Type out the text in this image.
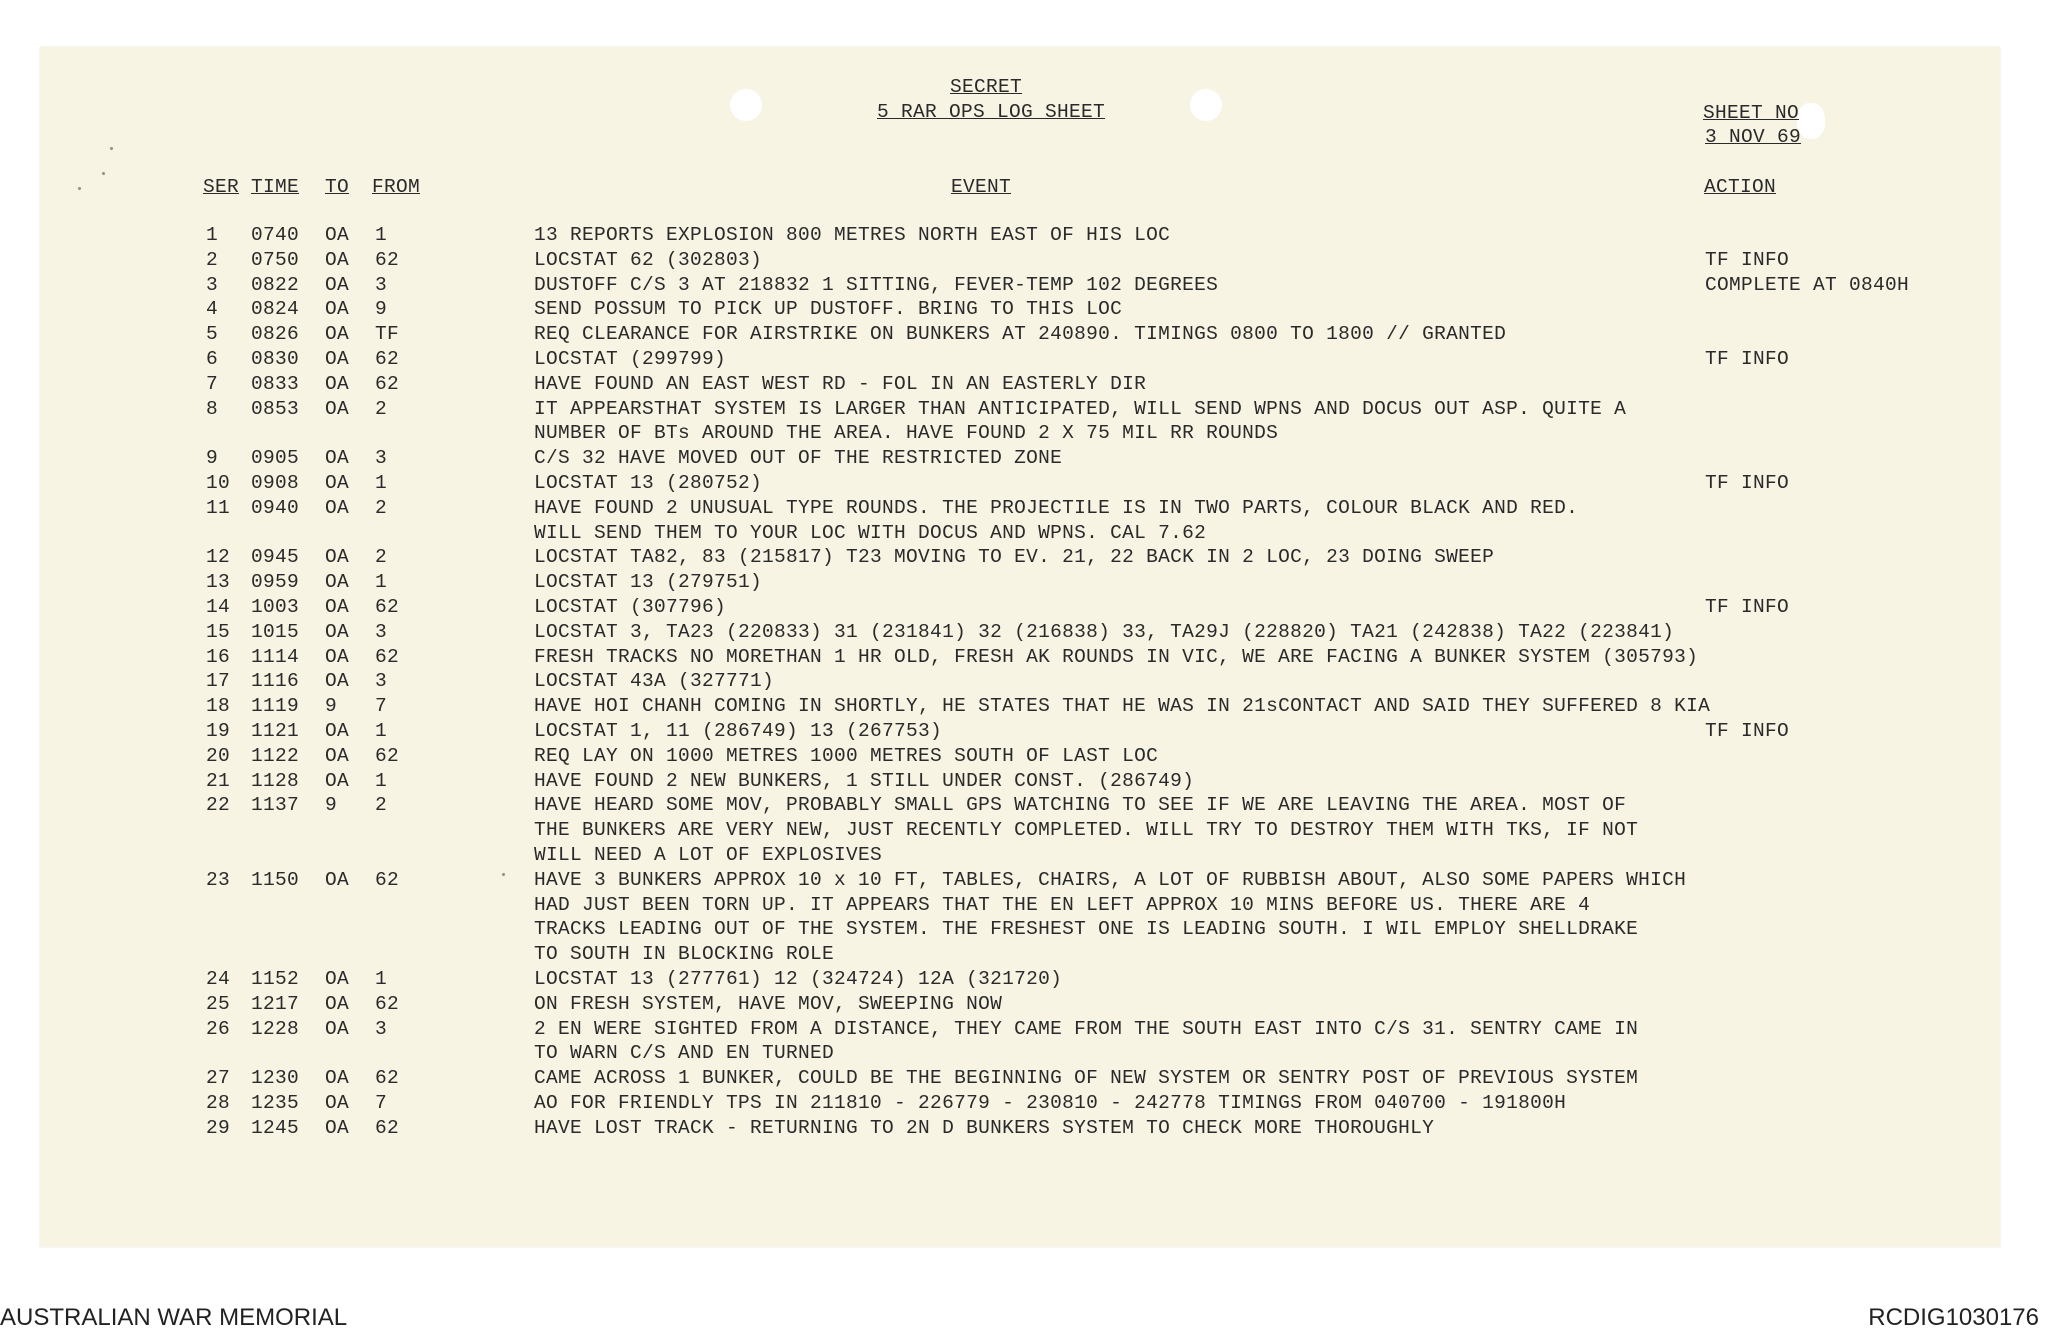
SECRET
5 RAR OPS LOG SHEET	SHEET NO
3 NOV 69
SER TIME TO FROM	EVENT	ACTION
1 0740 OA 1	13 REPORTS EXPLOSION 800 METRES NORTH EAST OF HIS LOC
2 0750 OA 62	LOCSTAT 62 (302803)	TF INFO
3 0822 OA 3	DUSTOFF C/S 3 AT 218832 1 SITTING, FEVER-TEMP 102 DEGREES	COMPLETE AT 0840H
4 0824 OA 9	SEND POSSUM TO PICK UP DUSTOFF. BRING TO THIS LOC
5 0826 OA TF	REQ CLEARANCE FOR AIRSTRIKE ON BUNKERS AT 240890. TIMINGS 0800 TO 1800 // GRANTED
6 0830 OA 62	LOCSTAT (299799)	TF INFO
7 0833 OA 62	HAVE FOUND AN EAST WEST RD - FOL IN AN EASTERLY DIR
8 0853 OA 2	IT APPEARSTHAT SYSTEM IS LARGER THAN ANTICIPATED, WILL SEND WPNS AND DOCUS OUT ASP. QUITE A
NUMBER OF BTs AROUND THE AREA. HAVE FOUND 2 X 75 MIL RR ROUNDS
9 0905 OA 3	C/S 32 HAVE MOVED OUT OF THE RESTRICTED ZONE
10 0908 OA 1	LOCSTAT 13 (280752)	TF INFO
11 0940 OA 2	HAVE FOUND 2 UNUSUAL TYPE ROUNDS. THE PROJECTILE IS IN TWO PARTS, COLOUR BLACK AND RED.
WILL SEND THEM TO YOUR LOC WITH DOCUS AND WPNS. CAL 7.62
12 0945 OA 2	LOCSTAT TA82, 83 (215817) T23 MOVING TO EV. 21, 22 BACK IN 2 LOC, 23 DOING SWEEP
13 0959 OA 1	LOCSTAT 13 (279751)
14 1003 OA 62	LOCSTAT (307796)	TF INFO
15 1015 OA 3	LOCSTAT 3, TA23 (220833) 31 (231841) 32 (216838) 33, TA29J (228820) TA21 (242838) TA22 (223841)
16 1114 OA 62	FRESH TRACKS NO MORETHAN 1 HR OLD, FRESH AK ROUNDS IN VIC, WE ARE FACING A BUNKER SYSTEM (305793)
17 1116 OA 3	LOCSTAT 43A (327771)
18 1119 9 7	HAVE HOI CHANH COMING IN SHORTLY, HE STATES THAT HE WAS IN 21sCONTACT AND SAID THEY SUFFERED 8 KIA
19 1121 OA 1	LOCSTAT 1, 11 (286749) 13 (267753)	TF INFO
20 1122 OA 62	REQ LAY ON 1000 METRES 1000 METRES SOUTH OF LAST LOC
21 1128 OA 1	HAVE FOUND 2 NEW BUNKERS, 1 STILL UNDER CONST. (286749)
22 1137 9 2	HAVE HEARD SOME MOV, PROBABLY SMALL GPS WATCHING TO SEE IF WE ARE LEAVING THE AREA. MOST OF
THE BUNKERS ARE VERY NEW, JUST RECENTLY COMPLETED. WILL TRY TO DESTROY THEM WITH TKS, IF NOT
WILL NEED A LOT OF EXPLOSIVES
23 1150 OA 62	HAVE 3 BUNKERS APPROX 10 x 10 FT, TABLES, CHAIRS, A LOT OF RUBBISH ABOUT, ALSO SOME PAPERS WHICH
HAD JUST BEEN TORN UP. IT APPEARS THAT THE EN LEFT APPROX 10 MINS BEFORE US. THERE ARE 4
TRACKS LEADING OUT OF THE SYSTEM. THE FRESHEST ONE IS LEADING SOUTH. I WIL EMPLOY SHELLDRAKE
TO SOUTH IN BLOCKING ROLE
24 1152 OA 1	LOCSTAT 13 (277761) 12 (324724) 12A (321720)
25 1217 OA 62	ON FRESH SYSTEM, HAVE MOV, SWEEPING NOW
26 1228 OA 3	2 EN WERE SIGHTED FROM A DISTANCE, THEY CAME FROM THE SOUTH EAST INTO C/S 31. SENTRY CAME IN
TO WARN C/S AND EN TURNED
27 1230 OA 62	CAME ACROSS 1 BUNKER, COULD BE THE BEGINNING OF NEW SYSTEM OR SENTRY POST OF PREVIOUS SYSTEM
28 1235 OA 7	AO FOR FRIENDLY TPS IN 211810 - 226779 - 230810 - 242778 TIMINGS FROM 040700 - 191800H
29 1245 OA 62	HAVE LOST TRACK - RETURNING TO 2N D BUNKERS SYSTEM TO CHECK MORE THOROUGHLY
AUSTRALIAN WAR MEMORIAL	RCDIG1030176
